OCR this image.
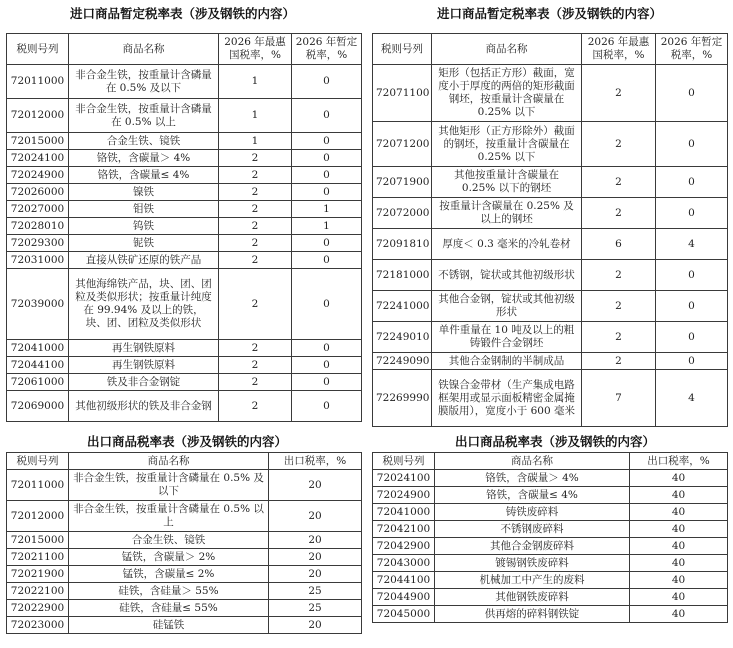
进口商品暂定税率表（涉及钢铁的内容）
税则号列	商品名称	2026 年最惠国税率，%	2026 年暂定税率，%
72011000	非合金生铁，按重量计含磷量在 0.5% 及以下	1	0
72012000	非合金生铁，按重量计含磷量在 0.5% 以上	1	0
72015000	合金生铁、镜铁	1	0
72024100	铬铁，含碳量＞ 4%	2	0
72024900	铬铁，含碳量≤ 4%	2	0
72026000	镍铁	2	0
72027000	钼铁	2	1
72028010	钨铁	2	1
72029300	铌铁	2	0
72031000	直接从铁矿还原的铁产品	2	0
72039000	其他海绵铁产品，块、团、团粒及类似形状；按重量计纯度在 99.94% 及以上的铁，块、团、团粒及类似形状	2	0
72041000	再生钢铁原料	2	0
72044100	再生钢铁原料	2	0
72061000	铁及非合金钢锭	2	0
72069000	其他初级形状的铁及非合金钢	2	0
进口商品暂定税率表（涉及钢铁的内容）
税则号列	商品名称	2026 年最惠国税率，%	2026 年暂定税率，%
72071100	矩形（包括正方形）截面，宽度小于厚度的两倍的矩形截面钢坯，按重量计含碳量在 0.25% 以下	2	0
72071200	其他矩形（正方形除外）截面的钢坯，按重量计含碳量在 0.25% 以下	2	0
72071900	其他按重量计含碳量在 0.25% 以下的钢坯	2	0
72072000	按重量计含碳量在 0.25% 及以上的钢坯	2	0
72091810	厚度＜ 0.3 毫米的冷轧卷材	6	4
72181000	不锈钢，锭状或其他初级形状	2	0
72241000	其他合金钢，锭状或其他初级形状	2	0
72249010	单件重量在 10 吨及以上的粗铸锻件合金钢坯	2	0
72249090	其他合金钢制的半制成品	2	0
72269990	铁镍合金带材（生产集成电路框架用或显示面板精密金属掩膜版用），宽度小于 600 毫米	7	4
出口商品税率表（涉及钢铁的内容）
税则号列	商品名称	出口税率，%
72011000	非合金生铁，按重量计含磷量在 0.5% 及以下	20
72012000	非合金生铁，按重量计含磷量在 0.5% 以上	20
72015000	合金生铁、镜铁	20
72021100	锰铁，含碳量＞ 2%	20
72021900	锰铁，含碳量≤ 2%	20
72022100	硅铁，含硅量＞ 55%	25
72022900	硅铁，含硅量≤ 55%	25
72023000	硅锰铁	20
出口商品税率表（涉及钢铁的内容）
税则号列	商品名称	出口税率，%
72024100	铬铁，含碳量＞ 4%	40
72024900	铬铁，含碳量≤ 4%	40
72041000	铸铁废碎料	40
72042100	不锈钢废碎料	40
72042900	其他合金钢废碎料	40
72043000	镀锡钢铁废碎料	40
72044100	机械加工中产生的废料	40
72044900	其他钢铁废碎料	40
72045000	供再熔的碎料钢铁锭	40
